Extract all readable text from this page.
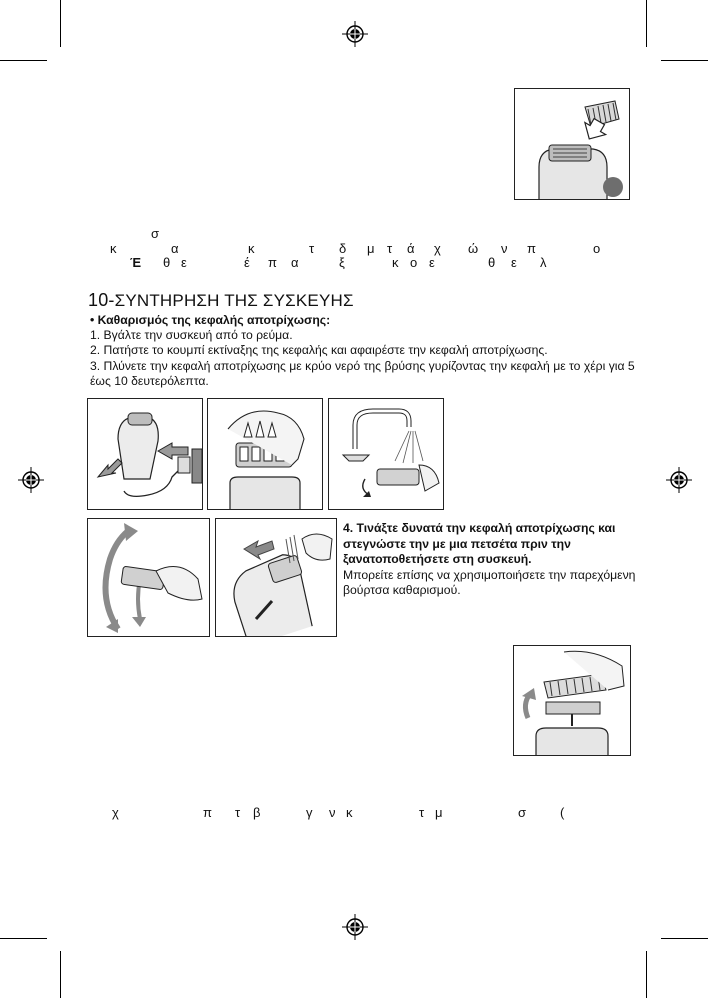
σ
κ	α	κ	τ δ μ τ ά χ ώ ν π	ο
Έ θ ε	έ π α	ξ	κ ο ε	θ ε λ
10-ΣΥΝΤΗΡΗΣΗ ΤΗΣ ΣΥΣΚΕΥΗΣ
• Καθαρισμός της κεφαλής αποτρίχωσης:
1. Βγάλτε την συσκευή από το ρεύμα.
2. Πατήστε το κουμπί εκτίναξης της κεφαλής και αφαιρέστε την κεφαλή αποτρίχωσης.
3. Πλύνετε την κεφαλή αποτρίχωσης με κρύο νερό της βρύσης γυρίζοντας την κεφαλή με το χέρι για 5 έως 10 δευτερόλεπτα.
4. Τινάξτε δυνατά την κεφαλή αποτρίχωσης και στεγνώστε την με μια πετσέτα πριν την ξανατοποθετήσετε στη συσκευή.
Μπορείτε επίσης να χρησιμοποιήσετε την παρεχόμενη βούρτσα καθαρισμού.
χ	π τ β	γ ν κ	τ μ	σ	(
